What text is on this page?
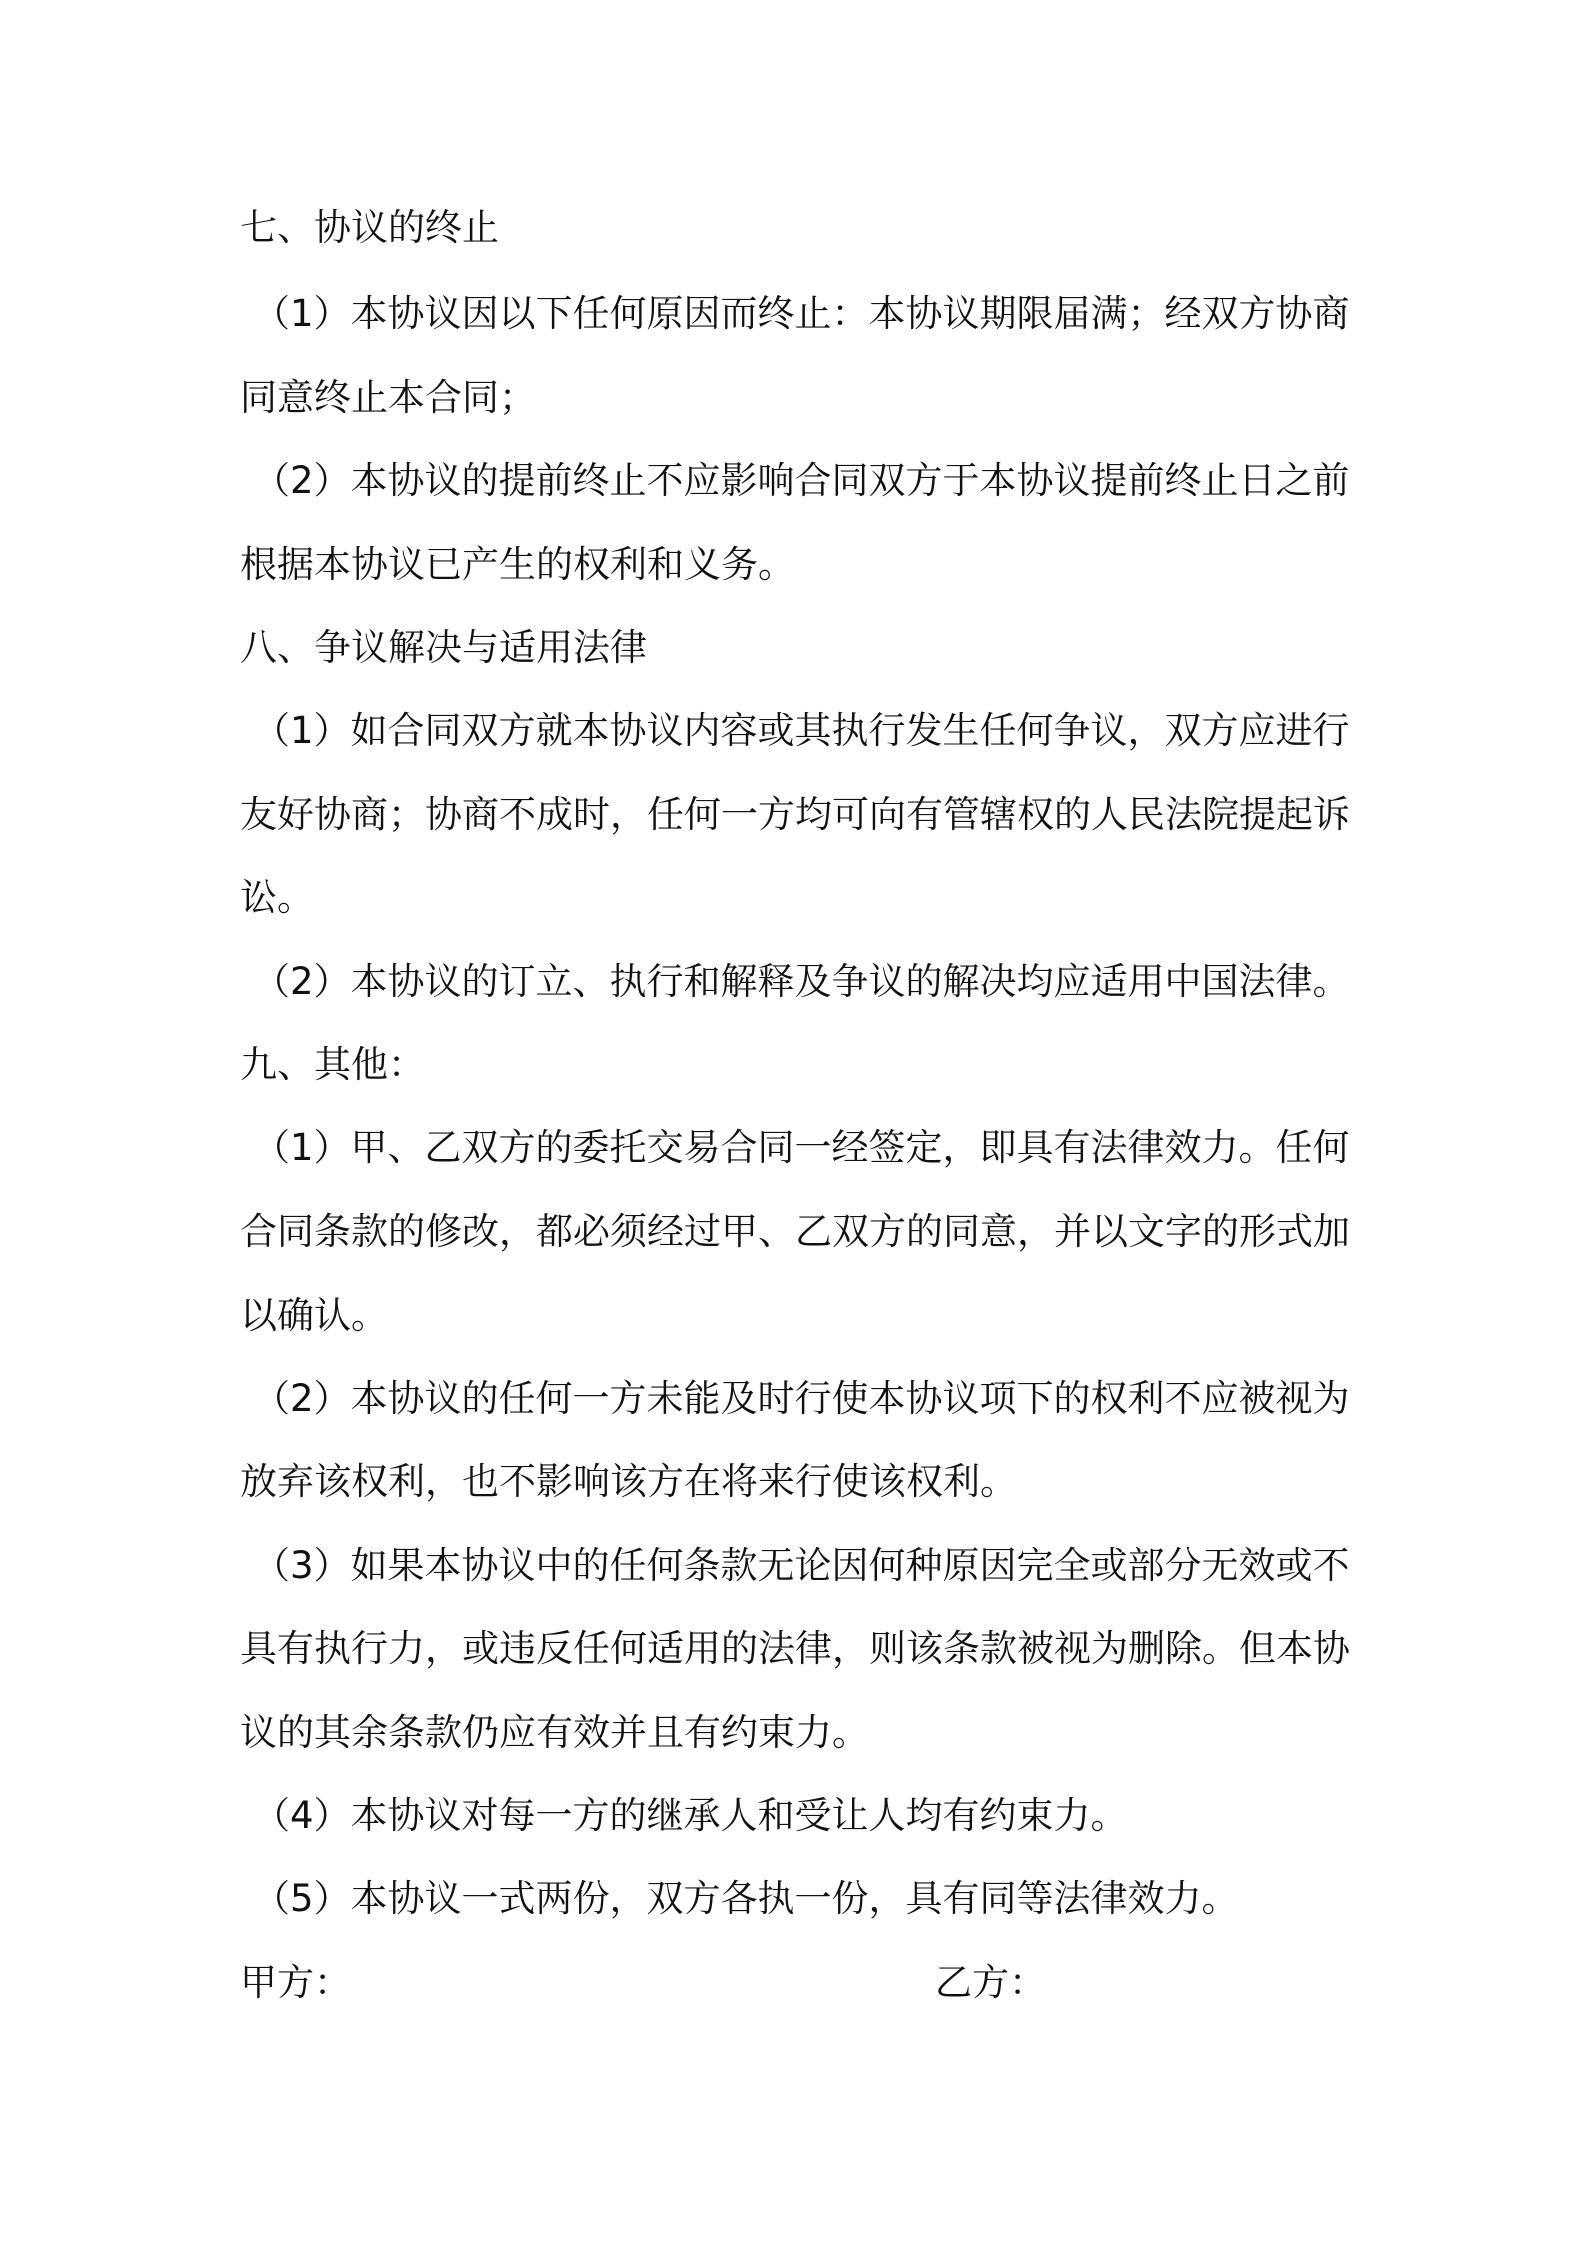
七、协议的终止
（1）本协议因以下任何原因而终止：本协议期限届满；经双方协商
同意终止本合同；
（2）本协议的提前终止不应影响合同双方于本协议提前终止日之前
根据本协议已产生的权利和义务。
八、争议解决与适用法律
（1）如合同双方就本协议内容或其执行发生任何争议，双方应进行
友好协商；协商不成时，任何一方均可向有管辖权的人民法院提起诉
讼。
（2）本协议的订立、执行和解释及争议的解决均应适用中国法律。
九、其他：
（1）甲、乙双方的委托交易合同一经签定，即具有法律效力。任何
合同条款的修改，都必须经过甲、乙双方的同意，并以文字的形式加
以确认。
（2）本协议的任何一方未能及时行使本协议项下的权利不应被视为
放弃该权利，也不影响该方在将来行使该权利。
（3）如果本协议中的任何条款无论因何种原因完全或部分无效或不
具有执行力，或违反任何适用的法律，则该条款被视为删除。但本协
议的其余条款仍应有效并且有约束力。
（4）本协议对每一方的继承人和受让人均有约束力。
（5）本协议一式两份，双方各执一份，具有同等法律效力。
甲方：	乙方：
